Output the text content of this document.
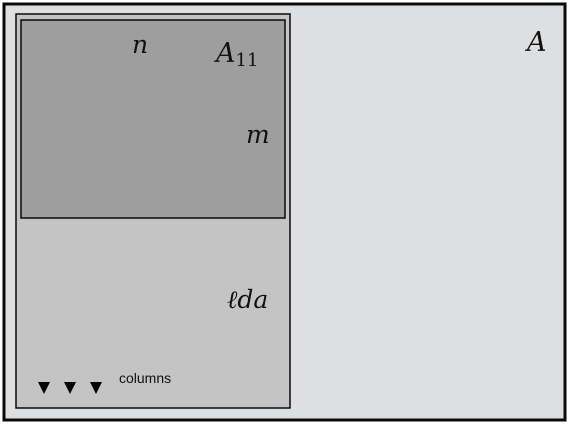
A
A11
n
m
ℓda
columns
